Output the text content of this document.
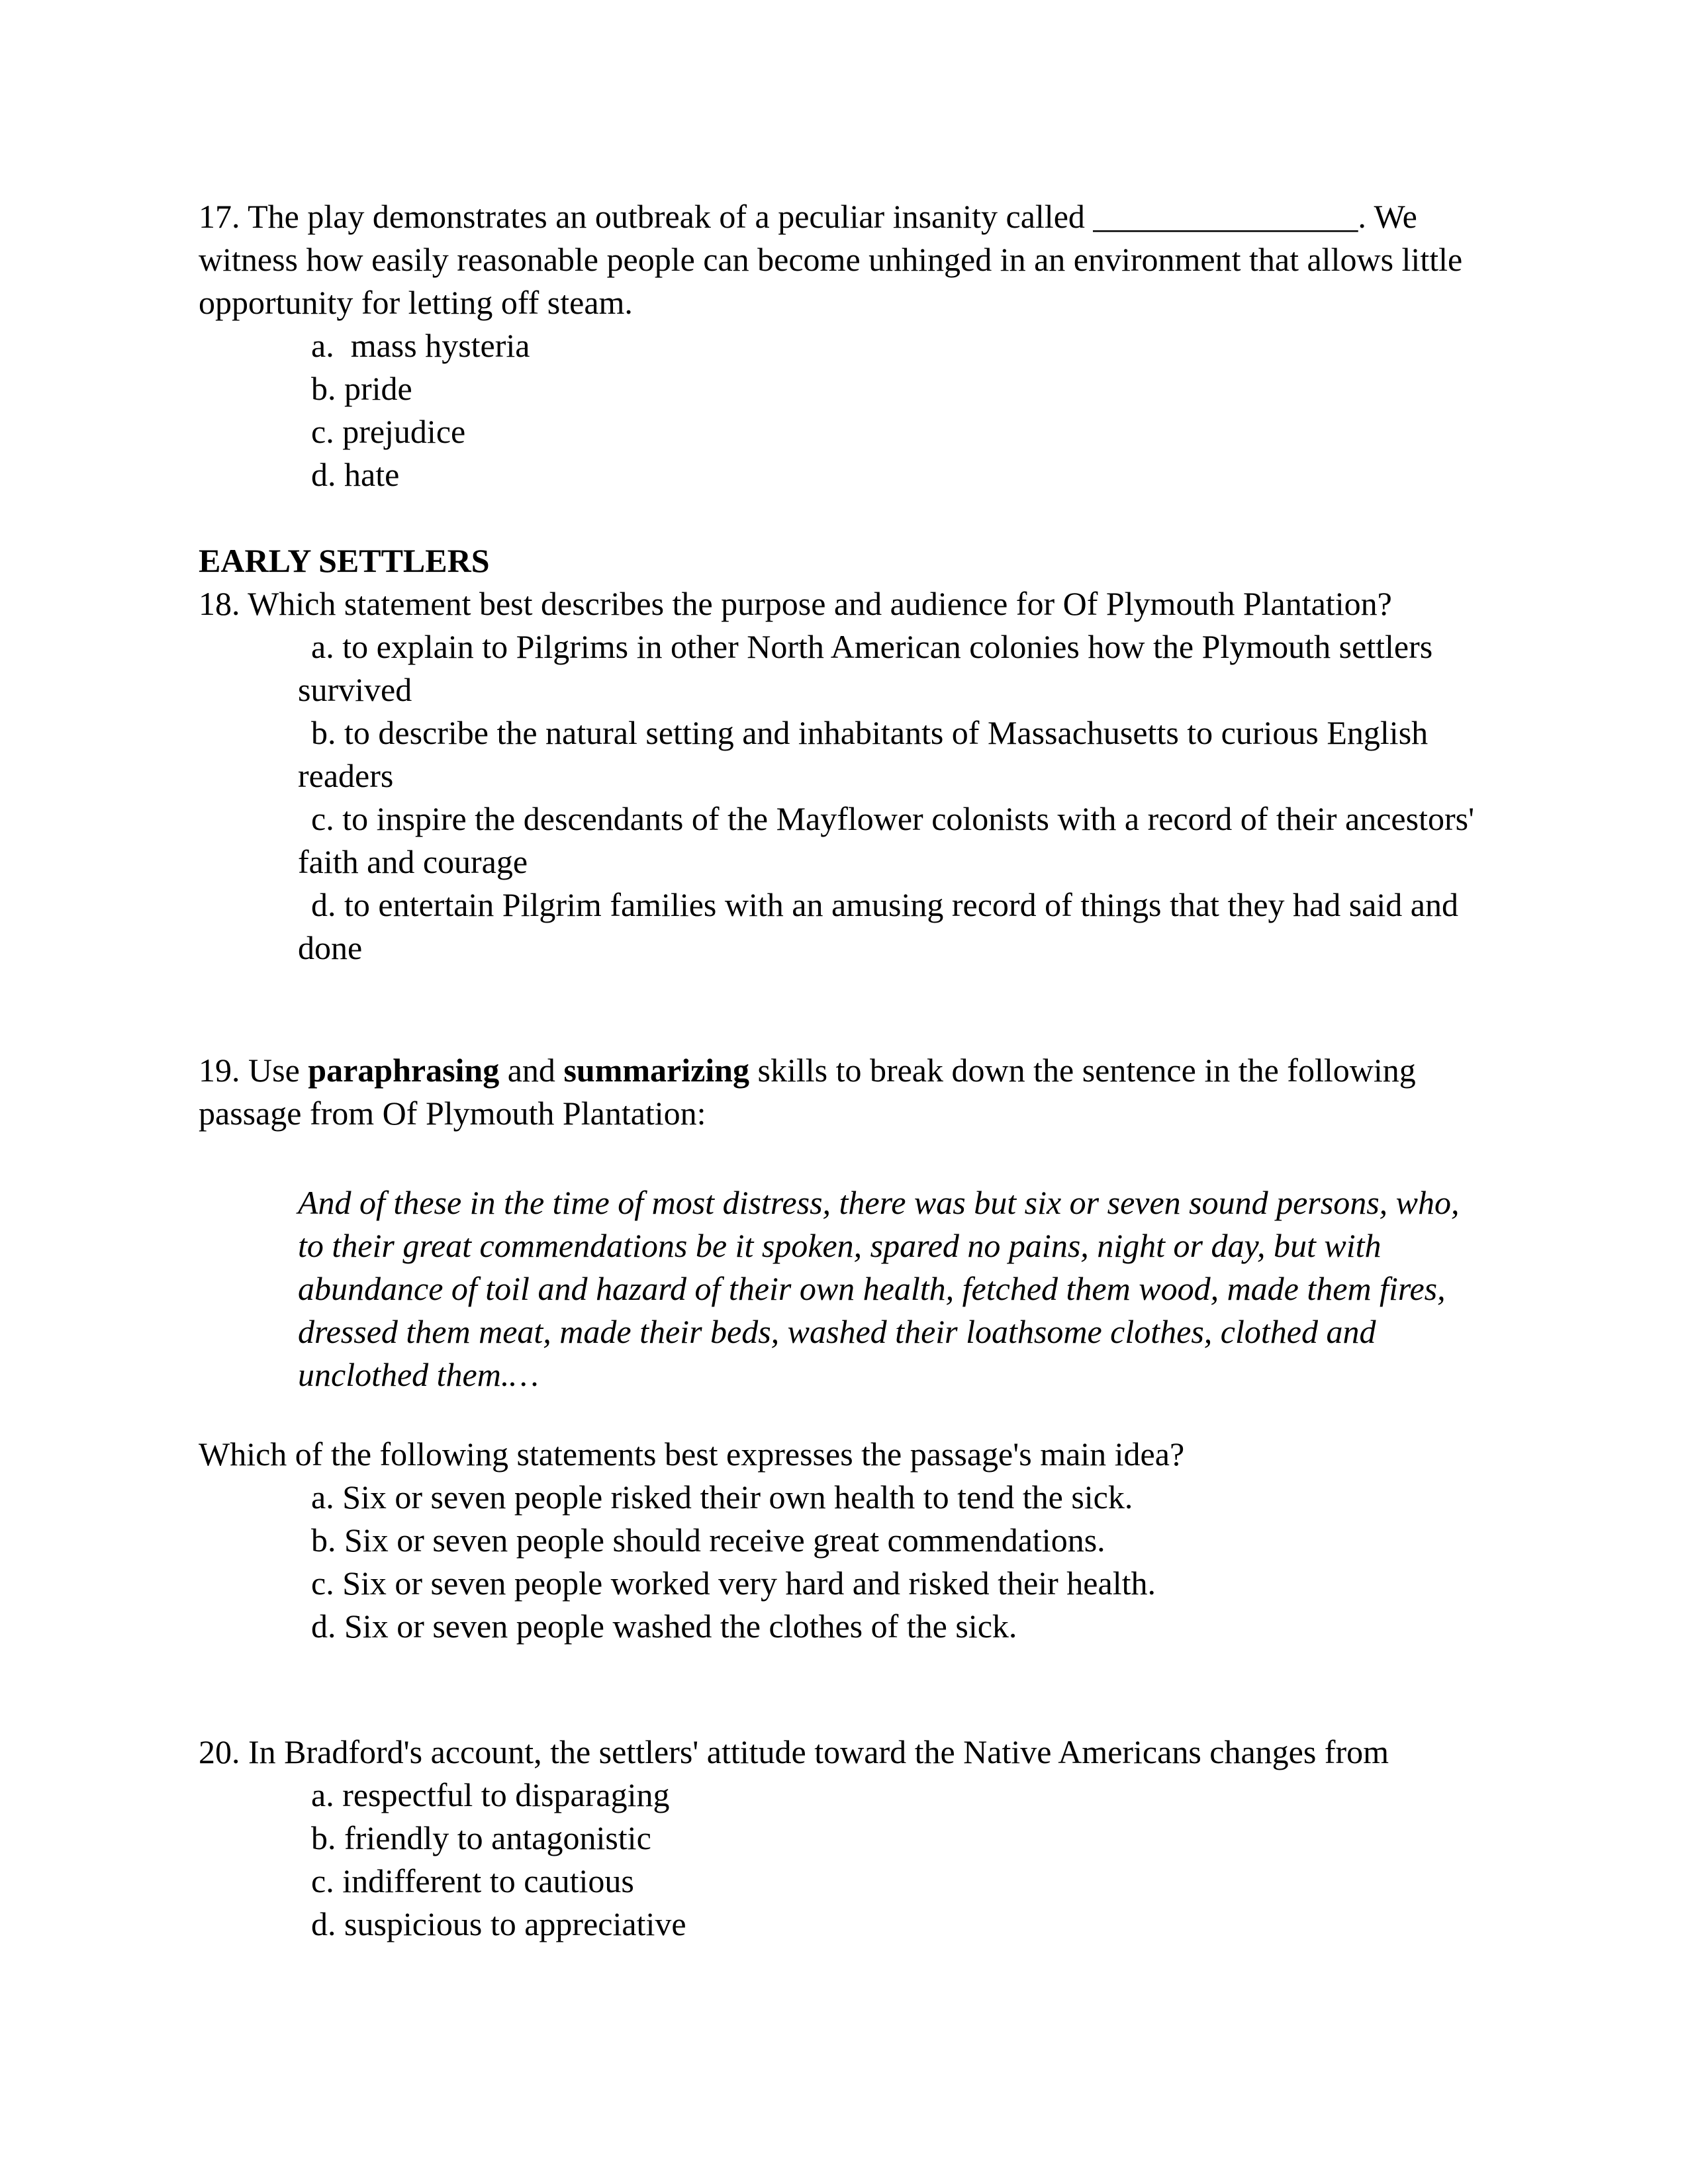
17. The play demonstrates an outbreak of a peculiar insanity called ________________. We witness how easily reasonable people can become unhinged in an environment that allows little opportunity for letting off steam.

a.  mass hysteria
b. pride
c. prejudice
d. hate

EARLY SETTLERS

18. Which statement best describes the purpose and audience for Of Plymouth Plantation?

a. to explain to Pilgrims in other North American colonies how the Plymouth settlers survived
b. to describe the natural setting and inhabitants of Massachusetts to curious English readers
c. to inspire the descendants of the Mayflower colonists with a record of their ancestors' faith and courage
d. to entertain Pilgrim families with an amusing record of things that they had said and done

19. Use paraphrasing and summarizing skills to break down the sentence in the following passage from Of Plymouth Plantation:

And of these in the time of most distress, there was but six or seven sound persons, who, to their great commendations be it spoken, spared no pains, night or day, but with abundance of toil and hazard of their own health, fetched them wood, made them fires, dressed them meat, made their beds, washed their loathsome clothes, clothed and unclothed them.…

Which of the following statements best expresses the passage's main idea?

a. Six or seven people risked their own health to tend the sick.
b. Six or seven people should receive great commendations.
c. Six or seven people worked very hard and risked their health.
d. Six or seven people washed the clothes of the sick.

20. In Bradford's account, the settlers' attitude toward the Native Americans changes from

a. respectful to disparaging
b. friendly to antagonistic
c. indifferent to cautious
d. suspicious to appreciative
